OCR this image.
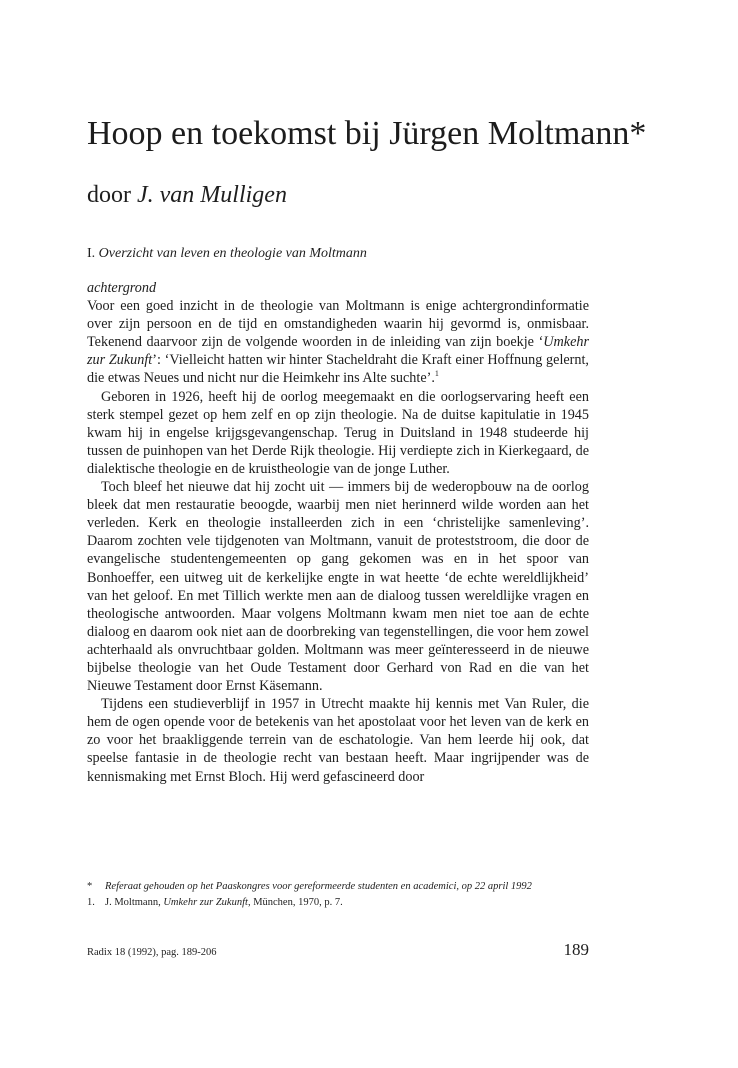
Hoop en toekomst bij Jürgen Moltmann*

door J. van Mulligen

I. Overzicht van leven en theologie van Moltmann

achtergrond

Voor een goed inzicht in de theologie van Moltmann is enige achtergrondinformatie over zijn persoon en de tijd en omstandigheden waarin hij gevormd is, onmisbaar. Tekenend daarvoor zijn de volgende woorden in de inleiding van zijn boekje ‘Umkehr zur Zukunft’: ‘Vielleicht hatten wir hinter Stacheldraht die Kraft einer Hoffnung gelernt, die etwas Neues und nicht nur die Heimkehr ins Alte suchte’.$^1$

Geboren in 1926, heeft hij de oorlog meegemaakt en die oorlogservaring heeft een sterk stempel gezet op hem zelf en op zijn theologie. Na de duitse kapitulatie in 1945 kwam hij in engelse krijgsgevangenschap. Terug in Duitsland in 1948 studeerde hij tussen de puinhopen van het Derde Rijk theologie. Hij verdiepte zich in Kierkegaard, de dialektische theologie en de kruistheologie van de jonge Luther.

Toch bleef het nieuwe dat hij zocht uit — immers bij de wederopbouw na de oorlog bleek dat men restauratie beoogde, waarbij men niet herinnerd wilde worden aan het verleden. Kerk en theologie installeerden zich in een ‘christelijke samenleving’. Daarom zochten vele tijdgenoten van Moltmann, vanuit de proteststroom, die door de evangelische studentengemeenten op gang gekomen was en in het spoor van Bonhoeffer, een uitweg uit de kerkelijke engte in wat heette ‘de echte wereldlijkheid’ van het geloof. En met Tillich werkte men aan de dialoog tussen wereldlijke vragen en theologische antwoorden. Maar volgens Moltmann kwam men niet toe aan de echte dialoog en daarom ook niet aan de doorbreking van tegenstellingen, die voor hem zowel achterhaald als onvruchtbaar golden. Moltmann was meer geïnteresseerd in de nieuwe bijbelse theologie van het Oude Testament door Gerhard von Rad en die van het Nieuwe Testament door Ernst Käsemann.

Tijdens een studieverblijf in 1957 in Utrecht maakte hij kennis met Van Ruler, die hem de ogen opende voor de betekenis van het apostolaat voor het leven van de kerk en zo voor het braakliggende terrein van de eschatologie. Van hem leerde hij ook, dat speelse fantasie in de theologie recht van bestaan heeft. Maar ingrijpender was de kennismaking met Ernst Bloch. Hij werd gefascineerd door

*	Referaat gehouden op het Paaskongres voor gereformeerde studenten en academici, op 22 april 1992
1. J. Moltmann, Umkehr zur Zukunft, München, 1970, p. 7.
Radix 18 (1992), pag. 189-206	189
